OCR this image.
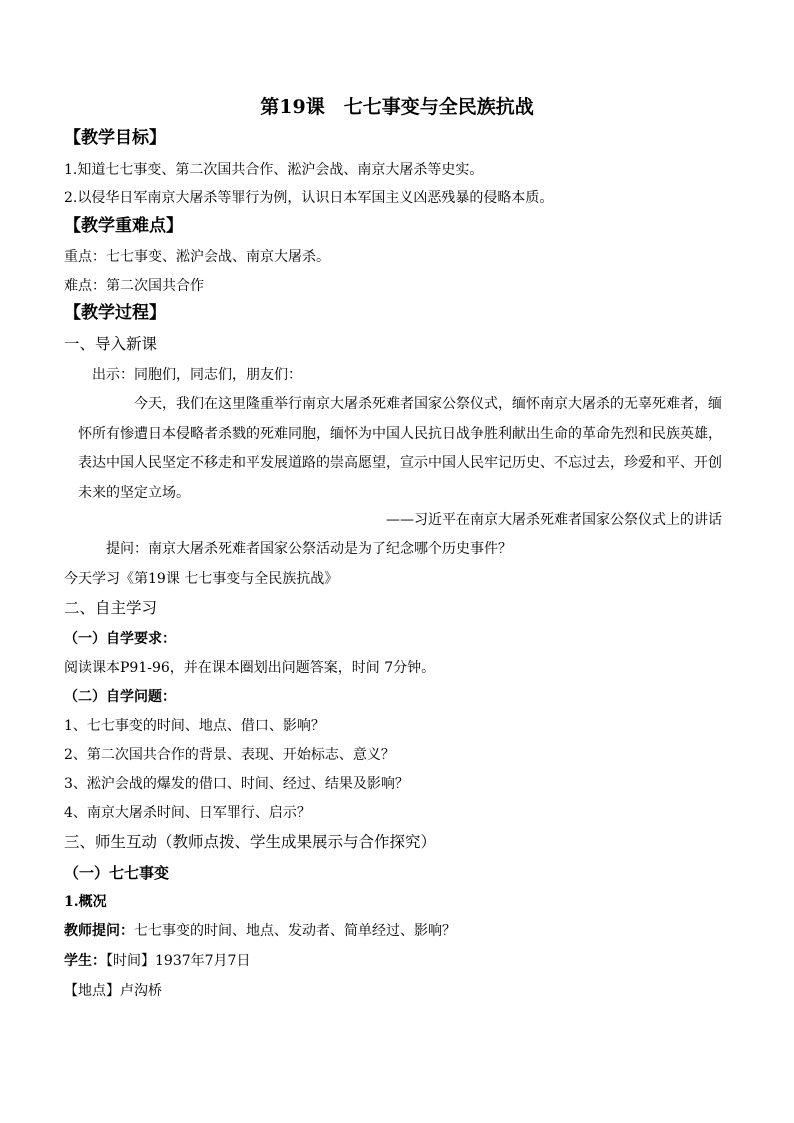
第19课　七七事变与全民族抗战
【教学目标】
1.知道七七事变、第二次国共合作、淞沪会战、南京大屠杀等史实。
2.以侵华日军南京大屠杀等罪行为例，认识日本军国主义凶恶残暴的侵略本质。
【教学重难点】
重点：七七事变、淞沪会战、南京大屠杀。
难点：第二次国共合作
【教学过程】
一、导入新课
出示：同胞们，同志们，朋友们：
今天，我们在这里隆重举行南京大屠杀死难者国家公祭仪式，缅怀南京大屠杀的无辜死难者，缅怀所有惨遭日本侵略者杀戮的死难同胞，缅怀为中国人民抗日战争胜利献出生命的革命先烈和民族英雄，表达中国人民坚定不移走和平发展道路的崇高愿望，宣示中国人民牢记历史、不忘过去，珍爱和平、开创未来的坚定立场。
——习近平在南京大屠杀死难者国家公祭仪式上的讲话
提问：南京大屠杀死难者国家公祭活动是为了纪念哪个历史事件？
今天学习《第19课 七七事变与全民族抗战》
二、自主学习
（一）自学要求：
阅读课本P91-96，并在课本圈划出问题答案，时间 7分钟。
（二）自学问题：
1、七七事变的时间、地点、借口、影响？
2、第二次国共合作的背景、表现、开始标志、意义？
3、淞沪会战的爆发的借口、时间、经过、结果及影响？
4、南京大屠杀时间、日军罪行、启示？
三、师生互动（教师点拨、学生成果展示与合作探究）
（一）七七事变
1.概况
教师提问：七七事变的时间、地点、发动者、简单经过、影响？
学生：【时间】1937年7月7日
【地点】卢沟桥
